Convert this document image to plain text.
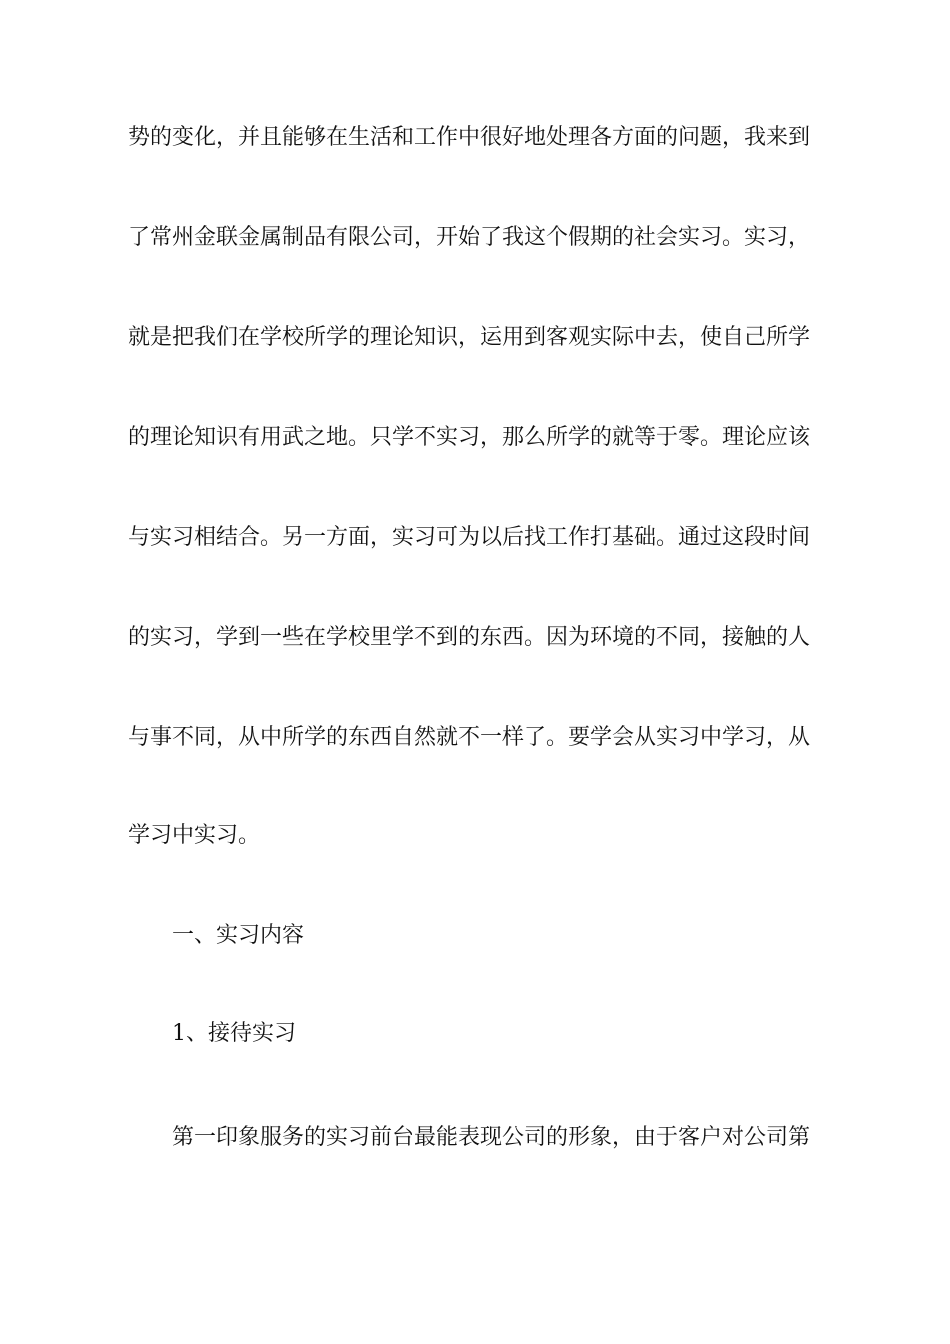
势的变化，并且能够在生活和工作中很好地处理各方面的问题，我来到
了常州金联金属制品有限公司，开始了我这个假期的社会实习。实习，
就是把我们在学校所学的理论知识，运用到客观实际中去，使自己所学
的理论知识有用武之地。只学不实习，那么所学的就等于零。理论应该
与实习相结合。另一方面，实习可为以后找工作打基础。通过这段时间
的实习，学到一些在学校里学不到的东西。因为环境的不同，接触的人
与事不同，从中所学的东西自然就不一样了。要学会从实习中学习，从
学习中实习。
一、实习内容
1、接待实习
第一印象服务的实习前台最能表现公司的形象，由于客户对公司第
